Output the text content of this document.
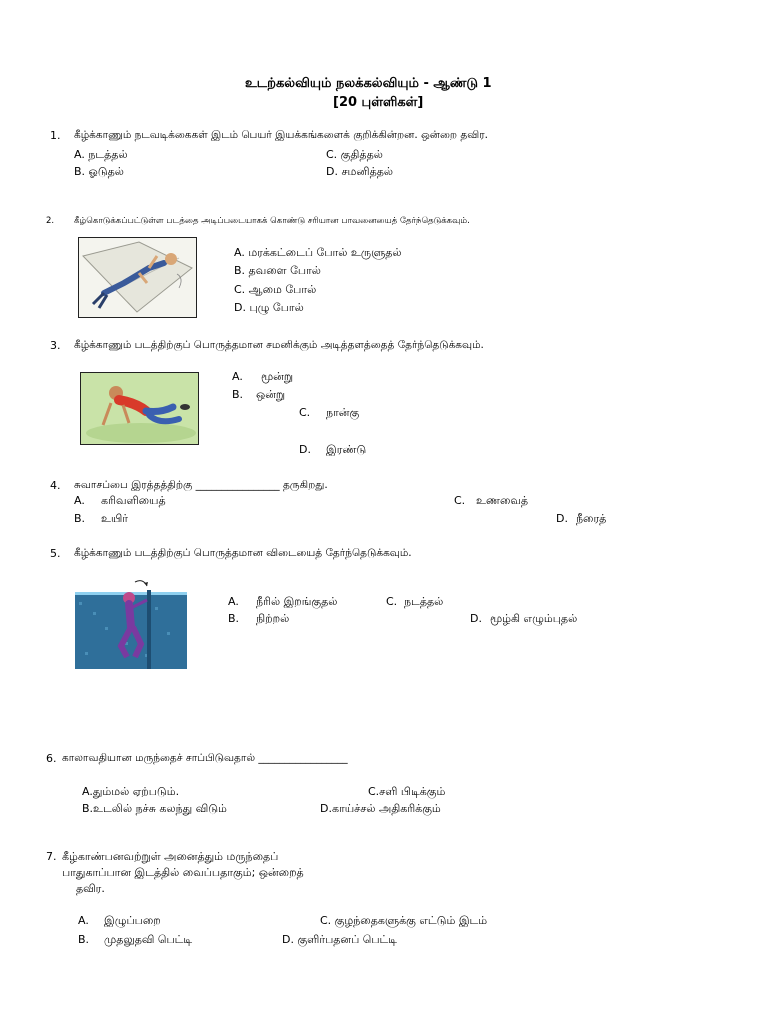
உடற்கல்வியும் நலக்கல்வியும் - ஆண்டு 1
[20 புள்ளிகள்]
1. கீழ்க்காணும் நடவடிக்கைகள் இடம் பெயர் இயக்கங்களைக் குறிக்கின்றன. ஒன்றை தவிர.
A. நடத்தல்	C. குதித்தல்
B. ஓடுதல்	D. சமனித்தல்
2. கீழ்கொடுக்கப்பட்டுள்ள படத்தை அடிப்படையாகக் கொண்டு சரியான பாவனையைத் தேர்ந்தெடுக்கவும்.
A. மரக்கட்டைப் போல் உருளுதல்
B. தவளை போல்
C. ஆமை போல்
D. புழு போல்
3. கீழ்க்காணும் படத்திற்குப் பொருத்தமான சமனிக்கும் அடித்தளத்தைத் தேர்ந்தெடுக்கவும்.
A. மூன்று
B. ஒன்று
C. நான்கு
D. இரண்டு
4. சுவாசப்பை இரத்தத்திற்கு ________________ தருகிறது.
A. கரிவளியைத்	C. உணவைத்
B. உயிர்	D. நீரைத்
5. கீழ்க்காணும் படத்திற்குப் பொருத்தமான விடையைத் தேர்ந்தெடுக்கவும்.
A. நீரில் இறங்குதல்	C. நடத்தல்
B. நிற்றல்	D. மூழ்கி எழும்புதல்
6. காலாவதியான மருந்தைச் சாப்பிடுவதால் _________________
A.தும்மல் ஏற்படும்.	C.சளி பிடிக்கும்
B.உடலில் நச்சு கலந்து விடும்	D.காய்ச்சல் அதிகரிக்கும்
7. கீழ்காண்பனவற்றுள் அனைத்தும் மருந்தைப்
பாதுகாப்பான இடத்தில் வைப்பதாகும்; ஒன்றைத்
தவிர.
A. இழுப்பறை	C. குழந்தைகளுக்கு எட்டும் இடம்
B. முதலுதவி பெட்டி	D. குளிர்பதனப் பெட்டி
